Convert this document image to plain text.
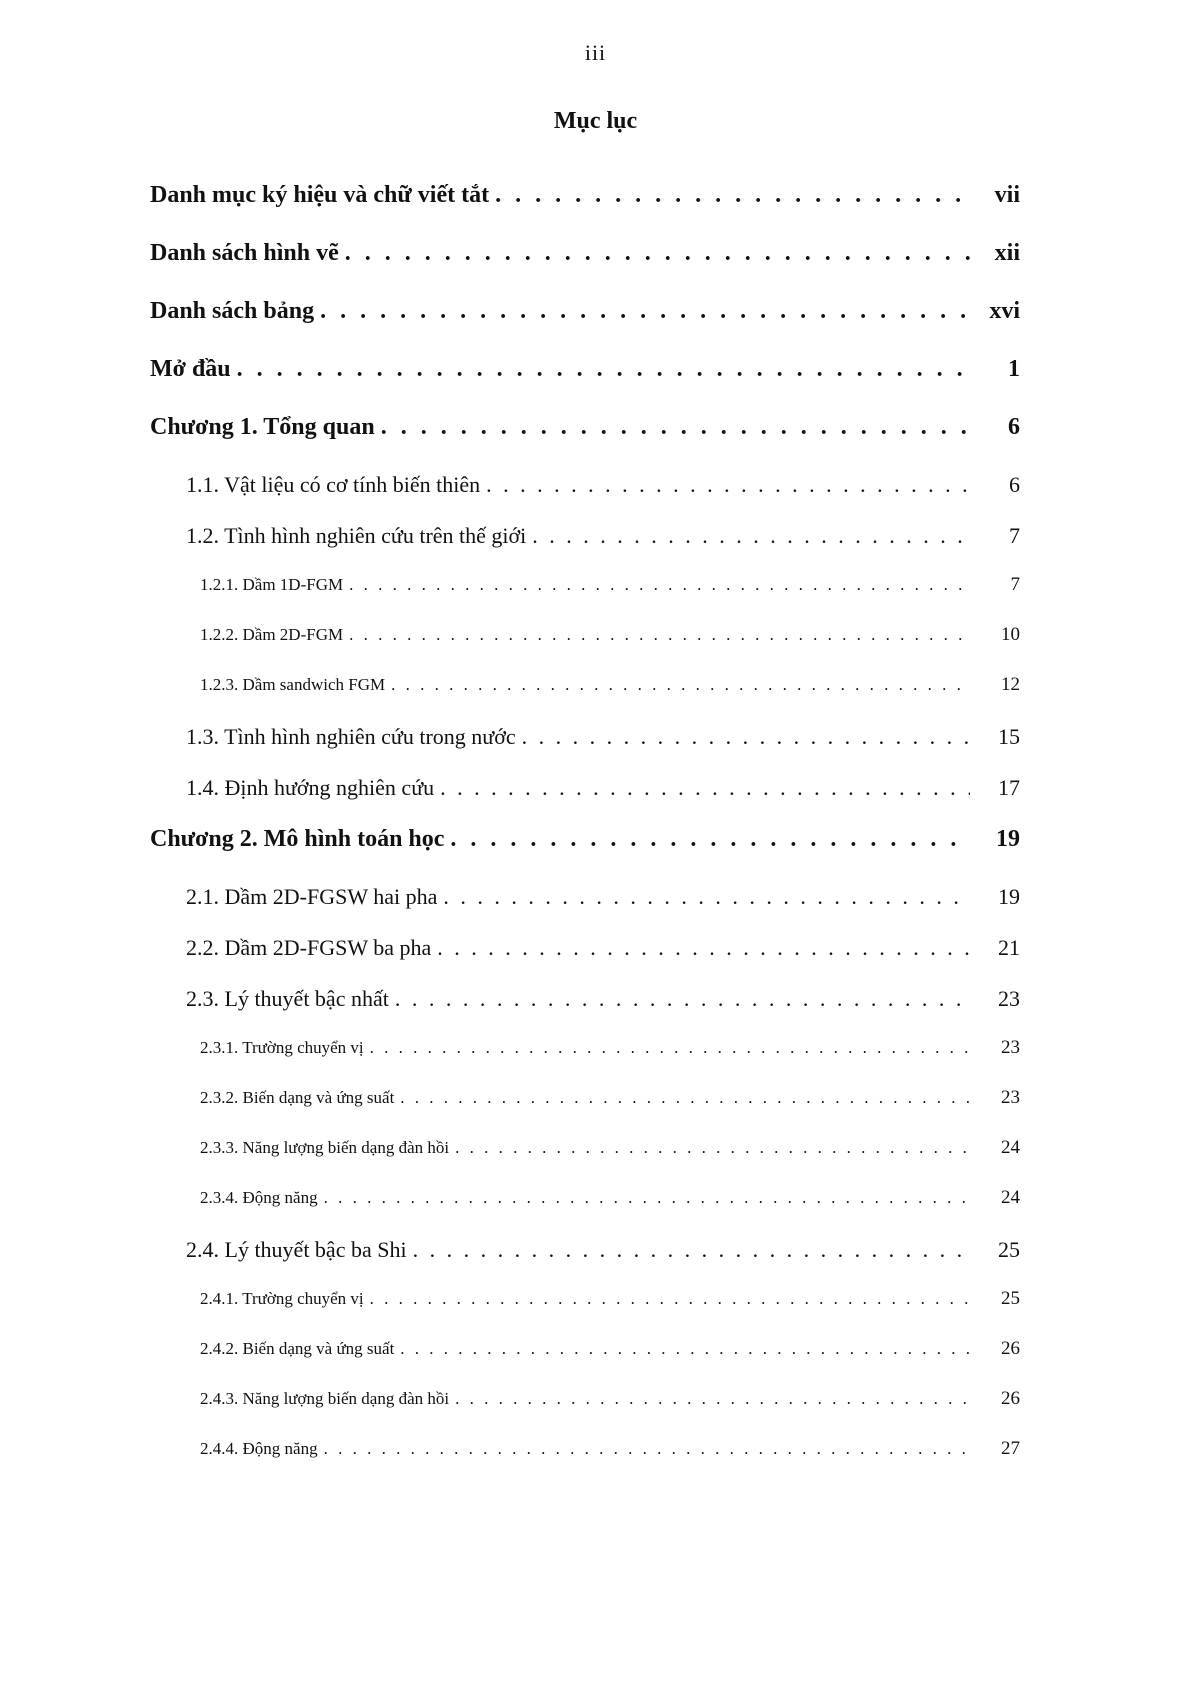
iii
Mục lục
Danh mục ký hiệu và chữ viết tắt . . .	vii
Danh sách hình vẽ . . .	xii
Danh sách bảng . . .	xvi
Mở đầu . . .	1
Chương 1. Tổng quan . . .	6
1.1. Vật liệu có cơ tính biến thiên . . .	6
1.2. Tình hình nghiên cứu trên thế giới . . .	7
1.2.1. Dầm 1D-FGM . . .	7
1.2.2. Dầm 2D-FGM . . .	10
1.2.3. Dầm sandwich FGM . . .	12
1.3. Tình hình nghiên cứu trong nước . . .	15
1.4. Định hướng nghiên cứu . . .	17
Chương 2. Mô hình toán học . . .	19
2.1. Dầm 2D-FGSW hai pha . . .	19
2.2. Dầm 2D-FGSW ba pha . . .	21
2.3. Lý thuyết bậc nhất . . .	23
2.3.1. Trường chuyển vị . . .	23
2.3.2. Biến dạng và ứng suất . . .	23
2.3.3. Năng lượng biến dạng đàn hồi . . .	24
2.3.4. Động năng . . .	24
2.4. Lý thuyết bậc ba Shi . . .	25
2.4.1. Trường chuyển vị . . .	25
2.4.2. Biến dạng và ứng suất . . .	26
2.4.3. Năng lượng biến dạng đàn hồi . . .	26
2.4.4. Động năng . . .	27
